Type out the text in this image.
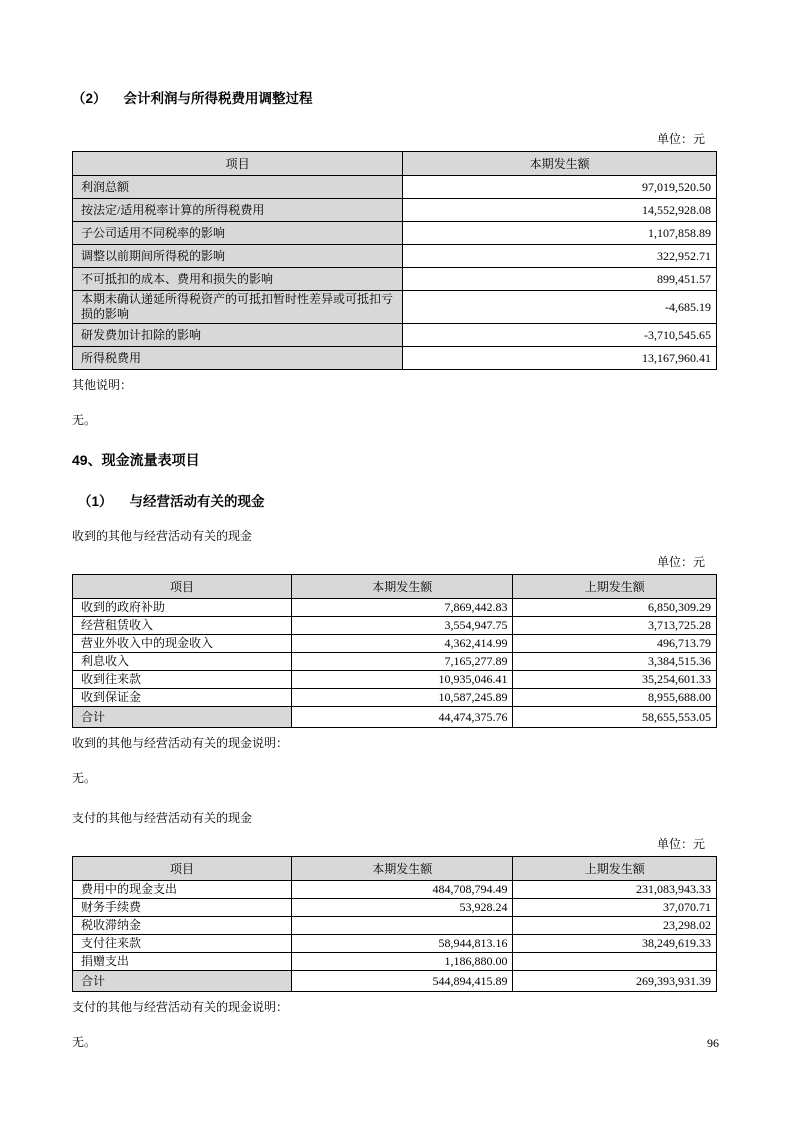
（2） 会计利润与所得税费用调整过程
单位：元
项目	本期发生额
利润总额	97,019,520.50
按法定/适用税率计算的所得税费用	14,552,928.08
子公司适用不同税率的影响	1,107,858.89
调整以前期间所得税的影响	322,952.71
不可抵扣的成本、费用和损失的影响	899,451.57
本期未确认递延所得税资产的可抵扣暂时性差异或可抵扣亏损的影响	-4,685.19
研发费加计扣除的影响	-3,710,545.65
所得税费用	13,167,960.41

其他说明：

无。

49、现金流量表项目
（1） 与经营活动有关的现金

收到的其他与经营活动有关的现金

单位：元
项目	本期发生额	上期发生额
收到的政府补助	7,869,442.83	6,850,309.29
经营租赁收入	3,554,947.75	3,713,725.28
营业外收入中的现金收入	4,362,414.99	496,713.79
利息收入	7,165,277.89	3,384,515.36
收到往来款	10,935,046.41	35,254,601.33
收到保证金	10,587,245.89	8,955,688.00
合计	44,474,375.76	58,655,553.05

收到的其他与经营活动有关的现金说明：

无。

支付的其他与经营活动有关的现金

单位：元
项目	本期发生额	上期发生额
费用中的现金支出	484,708,794.49	231,083,943.33
财务手续费	53,928.24	37,070.71
税收滞纳金		23,298.02
支付往来款	58,944,813.16	38,249,619.33
捐赠支出	1,186,880.00	
合计	544,894,415.89	269,393,931.39

支付的其他与经营活动有关的现金说明：

无。	96
